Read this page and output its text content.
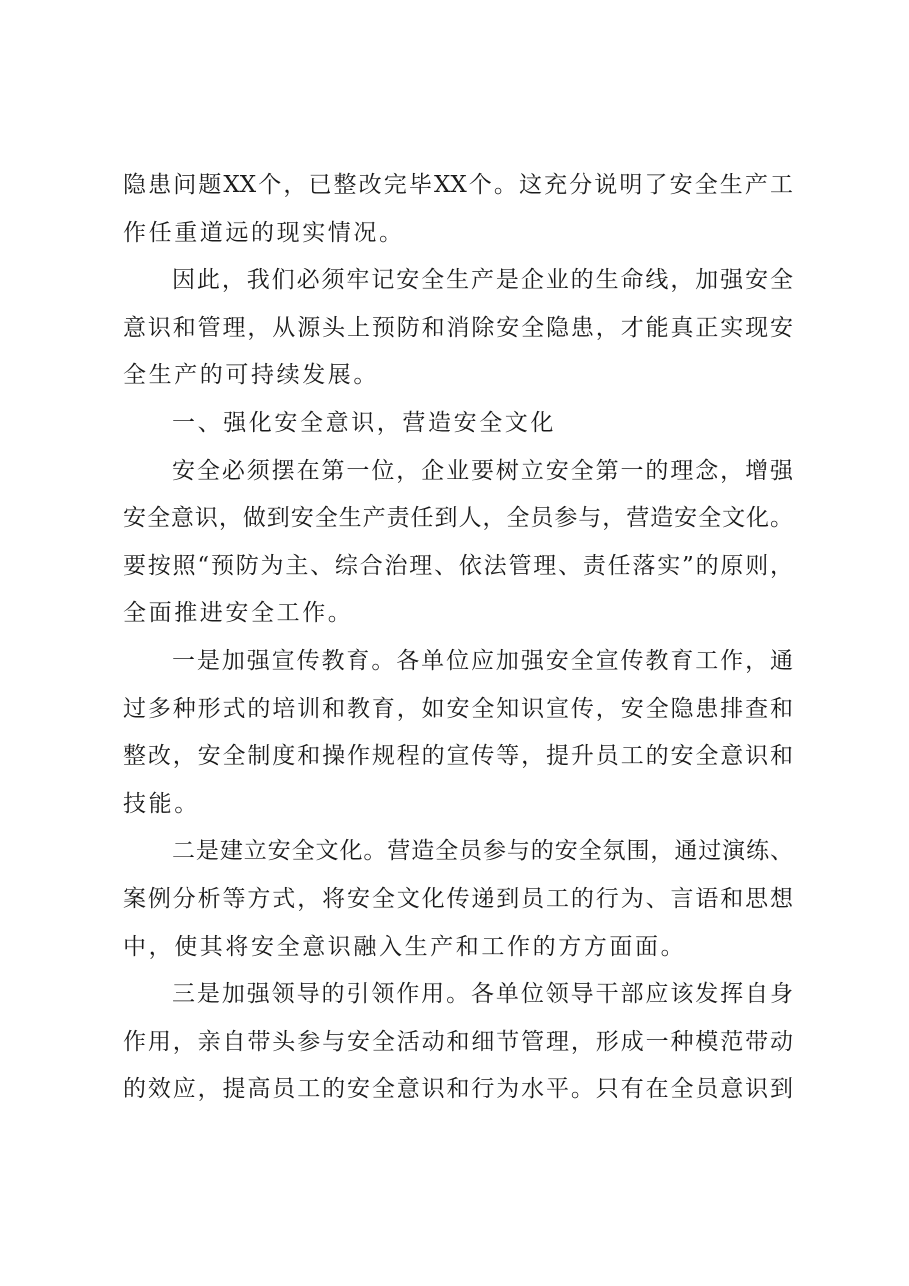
隐患问题XX个，已整改完毕XX个。这充分说明了安全生产工
作任重道远的现实情况。
因此，我们必须牢记安全生产是企业的生命线，加强安全
意识和管理，从源头上预防和消除安全隐患，才能真正实现安
全生产的可持续发展。
一、强化安全意识，营造安全文化
安全必须摆在第一位，企业要树立安全第一的理念，增强
安全意识，做到安全生产责任到人，全员参与，营造安全文化。
要按照“预防为主、综合治理、依法管理、责任落实”的原则，
全面推进安全工作。
一是加强宣传教育。各单位应加强安全宣传教育工作，通
过多种形式的培训和教育，如安全知识宣传，安全隐患排查和
整改，安全制度和操作规程的宣传等，提升员工的安全意识和
技能。
二是建立安全文化。营造全员参与的安全氛围，通过演练、
案例分析等方式，将安全文化传递到员工的行为、言语和思想
中，使其将安全意识融入生产和工作的方方面面。
三是加强领导的引领作用。各单位领导干部应该发挥自身
作用，亲自带头参与安全活动和细节管理，形成一种模范带动
的效应，提高员工的安全意识和行为水平。只有在全员意识到
